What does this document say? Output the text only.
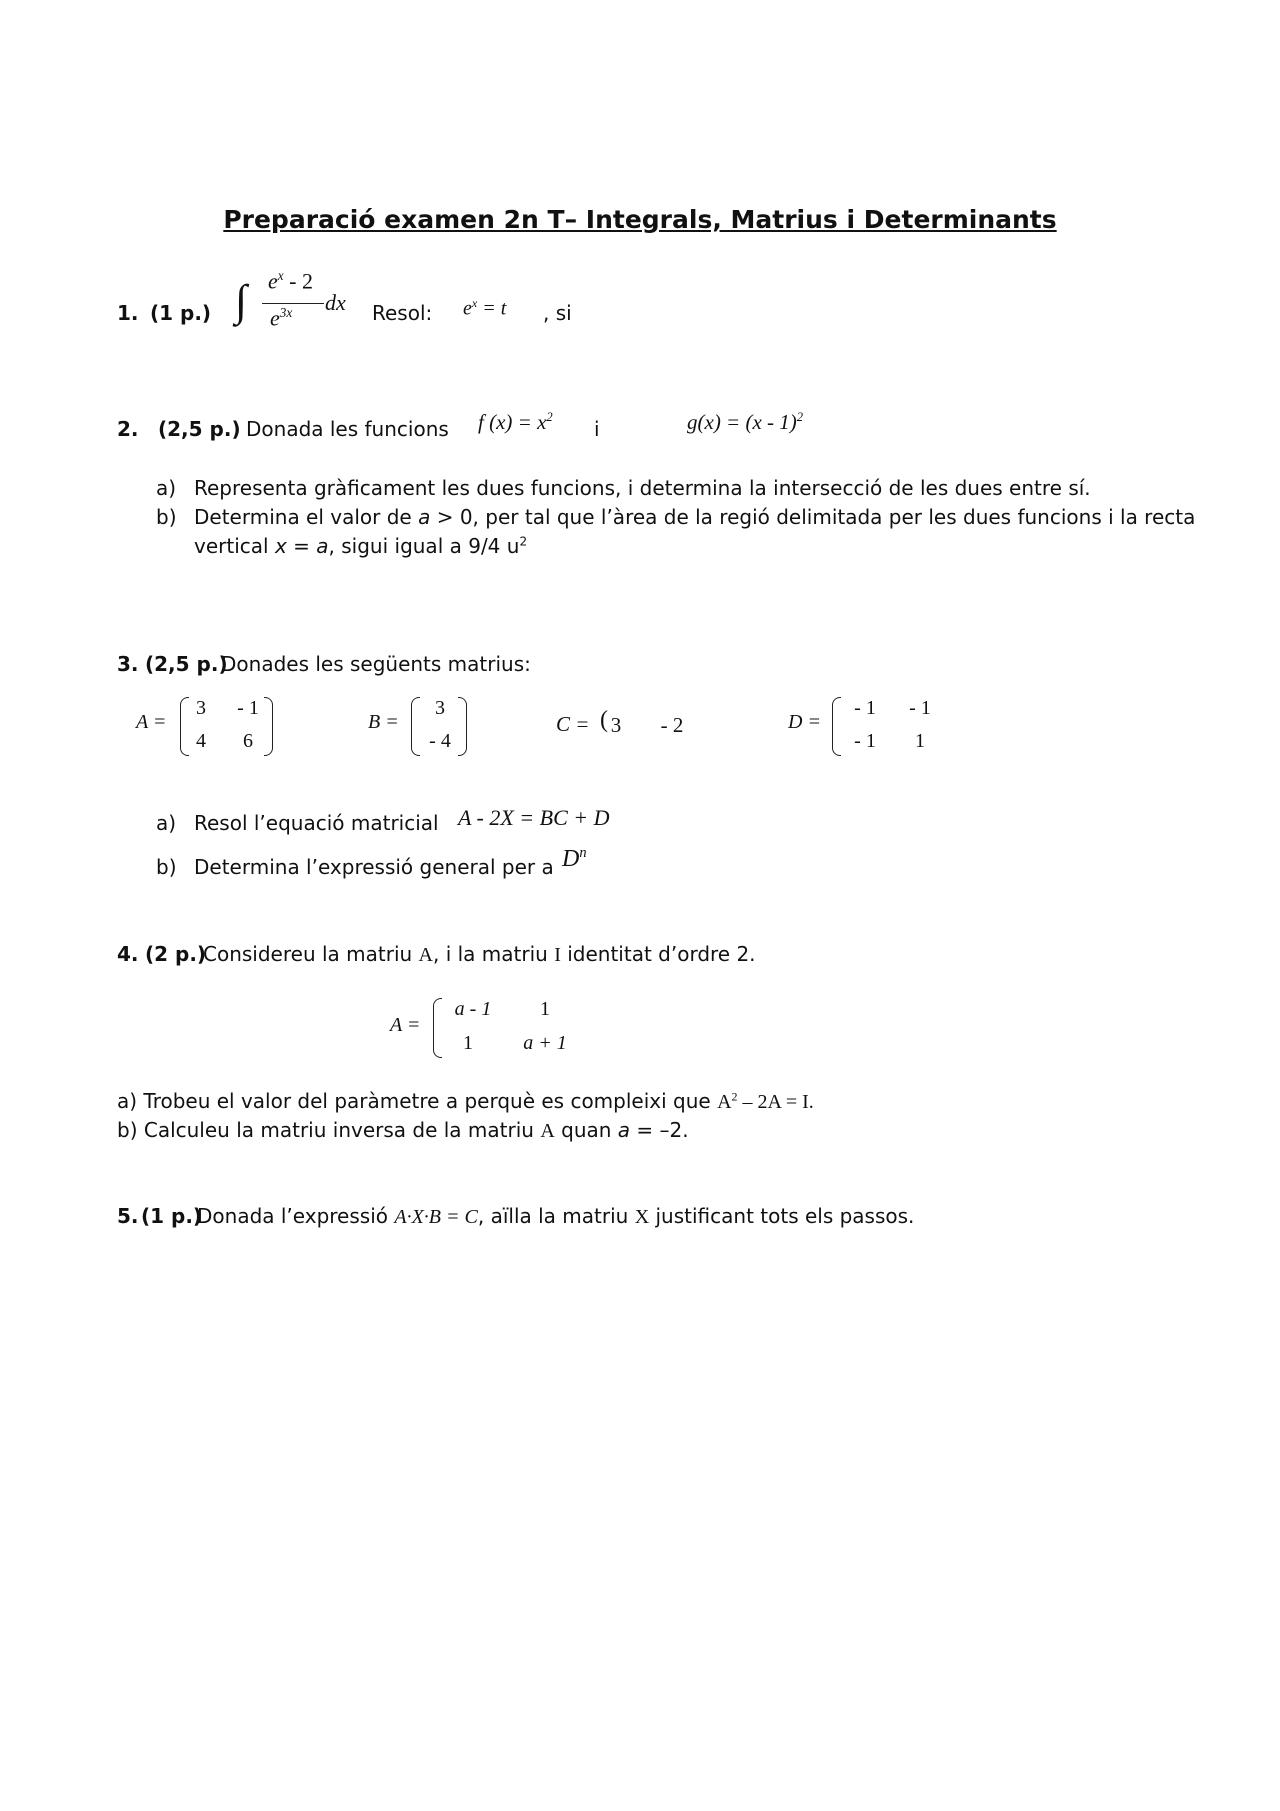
Preparació examen 2n T– Integrals, Matrius i Determinants
1. (1 p.) ∫ $e^x - 2$
$e^{3x}$ dx Resol: $e^x = t$ , si
2. (2,5 p.) Donada les funcions f $(x) = x^2$ i	g(x) = (x - 1)$^2$
a) Representa gràficament les dues funcions, i determina la intersecció de les dues entre sí.
b) Determina el valor de a > 0, per tal que l’àrea de la regió delimitada per les dues funcions i la recta
vertical x = a, sigui igual a 9/4 $u^2$
3. (2,5 p.)
Donades les següents matrius:
A =
3	- 1
4	6
B =
3
- 4
C = ( 3	- 2	D =
- 1	- 1
- 1	1
a) Resol l’equació matricial A - 2X = BC + D
b) Determina l’expressió general per a $D^n$
4. (2 p.)
Considereu la matriu A, i la matriu I identitat d’ordre 2.
A =
a - 1	1
1	a + 1
a) Trobeu el valor del paràmetre a perquè es compleixi que $A^2 - 2A = I$.
b) Calculeu la matriu inversa de la matriu A quan a = –2.
5. (1 p.)
Donada l’expressió A·X·B = C, aïlla la matriu X justificant tots els passos.
